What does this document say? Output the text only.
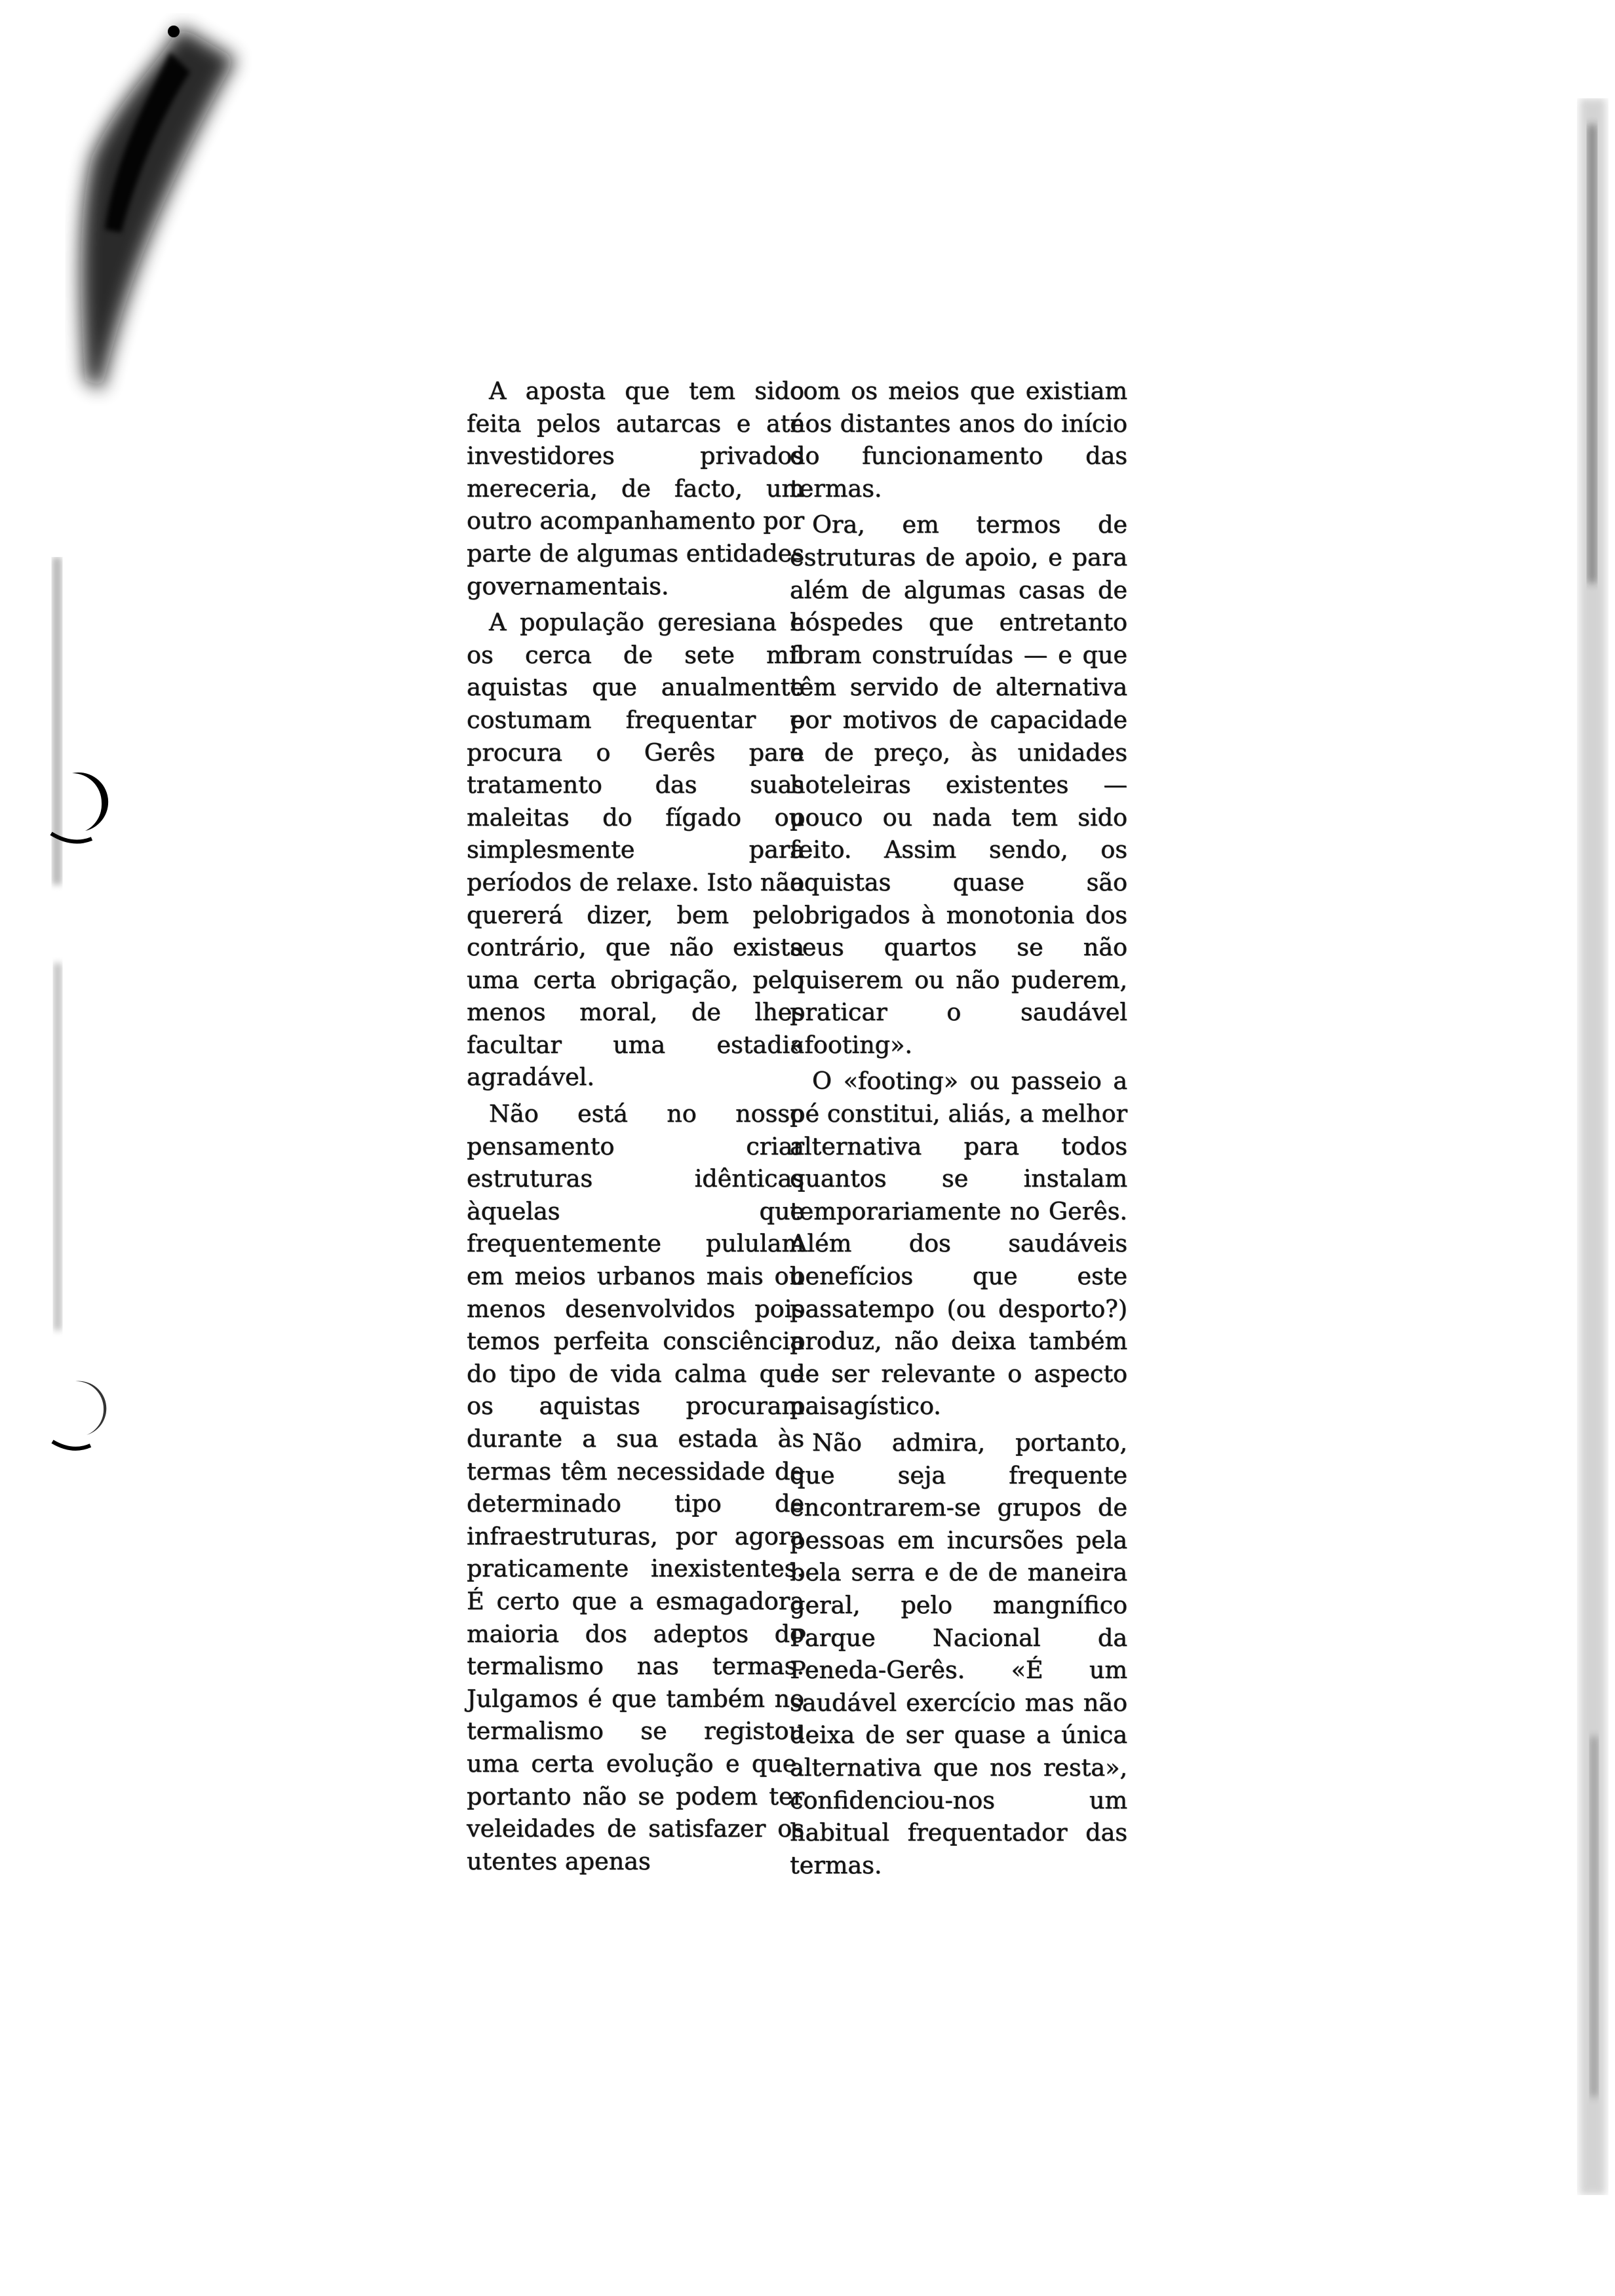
A aposta que tem sido feita pelos autarcas e até investidores privados mereceria, de facto, um outro acompanhamento por parte de algumas entidades governamentais.

A população geresiana e os cerca de sete mil aquistas que anualmente costumam frequentar e procura o Gerês para tratamento das suas maleitas do fígado ou simplesmente para períodos de relaxe. Isto não quererá dizer, bem pelo contrário, que não exista uma certa obrigação, pelo menos moral, de lhes facultar uma estadia agradável.

Não está no nosso pensamento criar estruturas idênticas àquelas que frequentemente pululam em meios urbanos mais ou menos desenvolvidos pois temos perfeita consciência do tipo de vida calma que os aquistas procuram durante a sua estada às termas têm necessidade de determinado tipo de infraestruturas, por agora praticamente inexistentes. É certo que a esmagadora maioria dos adeptos do termalismo nas termas. Julgamos é que também no termalismo se registou uma certa evolução e que, portanto não se podem ter veleidades de satisfazer os utentes apenas

com os meios que existiam nos distantes anos do início do funcionamento das termas.

Ora, em termos de estruturas de apoio, e para além de algumas casas de hóspedes que entretanto foram construídas — e que têm servido de alternativa por motivos de capacidade e de preço, às unidades hoteleiras existentes — pouco ou nada tem sido feito. Assim sendo, os aquistas quase são obrigados à monotonia dos seus quartos se não quiserem ou não puderem, praticar o saudável «footing».

O «footing» ou passeio a pé constitui, aliás, a melhor alternativa para todos quantos se instalam temporariamente no Gerês. Além dos saudáveis benefícios que este passatempo (ou desporto?) produz, não deixa também de ser relevante o aspecto paisagístico.

Não admira, portanto, que seja frequente encontrarem-se grupos de pessoas em incursões pela bela serra e de de maneira geral, pelo mangnífico Parque Nacional da Peneda-Gerês. «É um saudável exercício mas não deixa de ser quase a única alternativa que nos resta», confidenciou-nos um habitual frequentador das termas.
